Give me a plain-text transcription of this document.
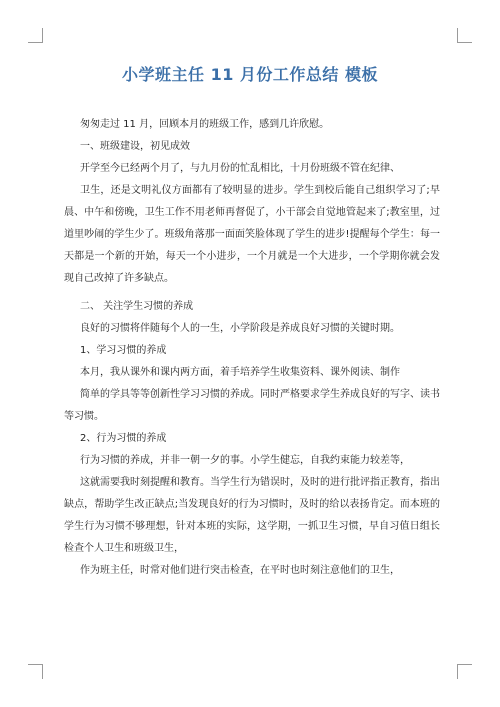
小学班主任 11 月份工作总结 模板

匆匆走过 11 月，回顾本月的班级工作，感到几许欣慰。

一、班级建设，初见成效

开学至今已经两个月了，与九月份的忙乱相比，十月份班级不管在纪律、

卫生，还是文明礼仪方面都有了较明显的进步。学生到校后能自己组织学习了;早晨、中午和傍晚，卫生工作不用老师再督促了，小干部会自觉地管起来了;教室里，过道里吵闹的学生少了。班级角落那一面面笑脸体现了学生的进步!提醒每个学生：每一天都是一个新的开始，每天一个小进步，一个月就是一个大进步，一个学期你就会发现自己改掉了许多缺点。

二、 关注学生习惯的养成

良好的习惯将伴随每个人的一生，小学阶段是养成良好习惯的关键时期。

1、学习习惯的养成

本月，我从课外和课内两方面，着手培养学生收集资料、课外阅读、制作

简单的学具等等创新性学习习惯的养成。同时严格要求学生养成良好的写字、读书等习惯。

2、行为习惯的养成

行为习惯的养成，并非一朝一夕的事。小学生健忘，自我约束能力较差等，

这就需要我时刻提醒和教育。当学生行为错误时，及时的进行批评指正教育，指出缺点，帮助学生改正缺点;当发现良好的行为习惯时，及时的给以表扬肯定。而本班的学生行为习惯不够理想，针对本班的实际，这学期，一抓卫生习惯，早自习值日组长检查个人卫生和班级卫生，

作为班主任，时常对他们进行突击检查，在平时也时刻注意他们的卫生，
